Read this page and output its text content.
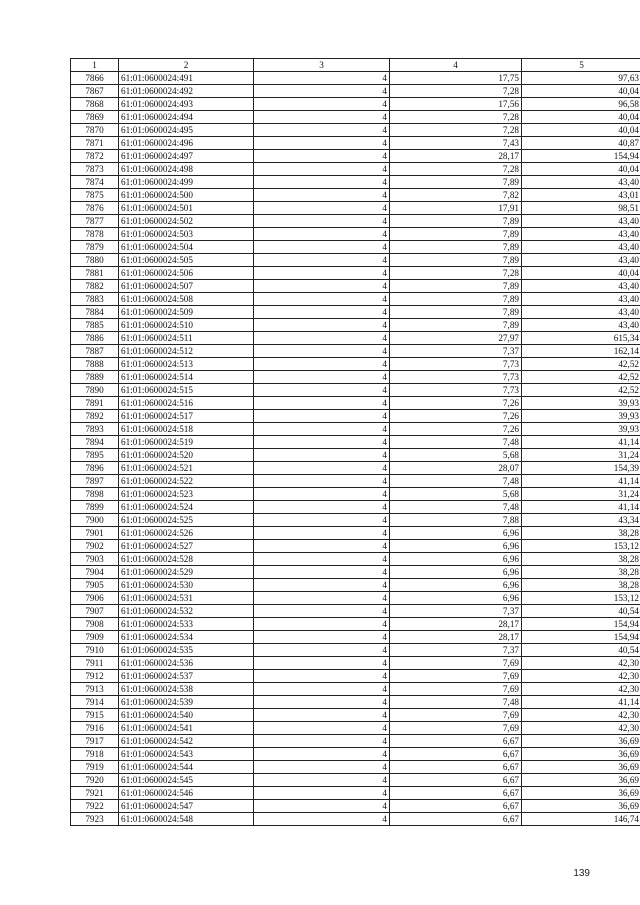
1	2	3	4	5
7866	61:01:0600024:491	4	17,75	97,63
7867	61:01:0600024:492	4	7,28	40,04
7868	61:01:0600024:493	4	17,56	96,58
7869	61:01:0600024:494	4	7,28	40,04
7870	61:01:0600024:495	4	7,28	40,04
7871	61:01:0600024:496	4	7,43	40,87
7872	61:01:0600024:497	4	28,17	154,94
7873	61:01:0600024:498	4	7,28	40,04
7874	61:01:0600024:499	4	7,89	43,40
7875	61:01:0600024:500	4	7,82	43,01
7876	61:01:0600024:501	4	17,91	98,51
7877	61:01:0600024:502	4	7,89	43,40
7878	61:01:0600024:503	4	7,89	43,40
7879	61:01:0600024:504	4	7,89	43,40
7880	61:01:0600024:505	4	7,89	43,40
7881	61:01:0600024:506	4	7,28	40,04
7882	61:01:0600024:507	4	7,89	43,40
7883	61:01:0600024:508	4	7,89	43,40
7884	61:01:0600024:509	4	7,89	43,40
7885	61:01:0600024:510	4	7,89	43,40
7886	61:01:0600024:511	4	27,97	615,34
7887	61:01:0600024:512	4	7,37	162,14
7888	61:01:0600024:513	4	7,73	42,52
7889	61:01:0600024:514	4	7,73	42,52
7890	61:01:0600024:515	4	7,73	42,52
7891	61:01:0600024:516	4	7,26	39,93
7892	61:01:0600024:517	4	7,26	39,93
7893	61:01:0600024:518	4	7,26	39,93
7894	61:01:0600024:519	4	7,48	41,14
7895	61:01:0600024:520	4	5,68	31,24
7896	61:01:0600024:521	4	28,07	154,39
7897	61:01:0600024:522	4	7,48	41,14
7898	61:01:0600024:523	4	5,68	31,24
7899	61:01:0600024:524	4	7,48	41,14
7900	61:01:0600024:525	4	7,88	43,34
7901	61:01:0600024:526	4	6,96	38,28
7902	61:01:0600024:527	4	6,96	153,12
7903	61:01:0600024:528	4	6,96	38,28
7904	61:01:0600024:529	4	6,96	38,28
7905	61:01:0600024:530	4	6,96	38,28
7906	61:01:0600024:531	4	6,96	153,12
7907	61:01:0600024:532	4	7,37	40,54
7908	61:01:0600024:533	4	28,17	154,94
7909	61:01:0600024:534	4	28,17	154,94
7910	61:01:0600024:535	4	7,37	40,54
7911	61:01:0600024:536	4	7,69	42,30
7912	61:01:0600024:537	4	7,69	42,30
7913	61:01:0600024:538	4	7,69	42,30
7914	61:01:0600024:539	4	7,48	41,14
7915	61:01:0600024:540	4	7,69	42,30
7916	61:01:0600024:541	4	7,69	42,30
7917	61:01:0600024:542	4	6,67	36,69
7918	61:01:0600024:543	4	6,67	36,69
7919	61:01:0600024:544	4	6,67	36,69
7920	61:01:0600024:545	4	6,67	36,69
7921	61:01:0600024:546	4	6,67	36,69
7922	61:01:0600024:547	4	6,67	36,69
7923	61:01:0600024:548	4	6,67	146,74
139
